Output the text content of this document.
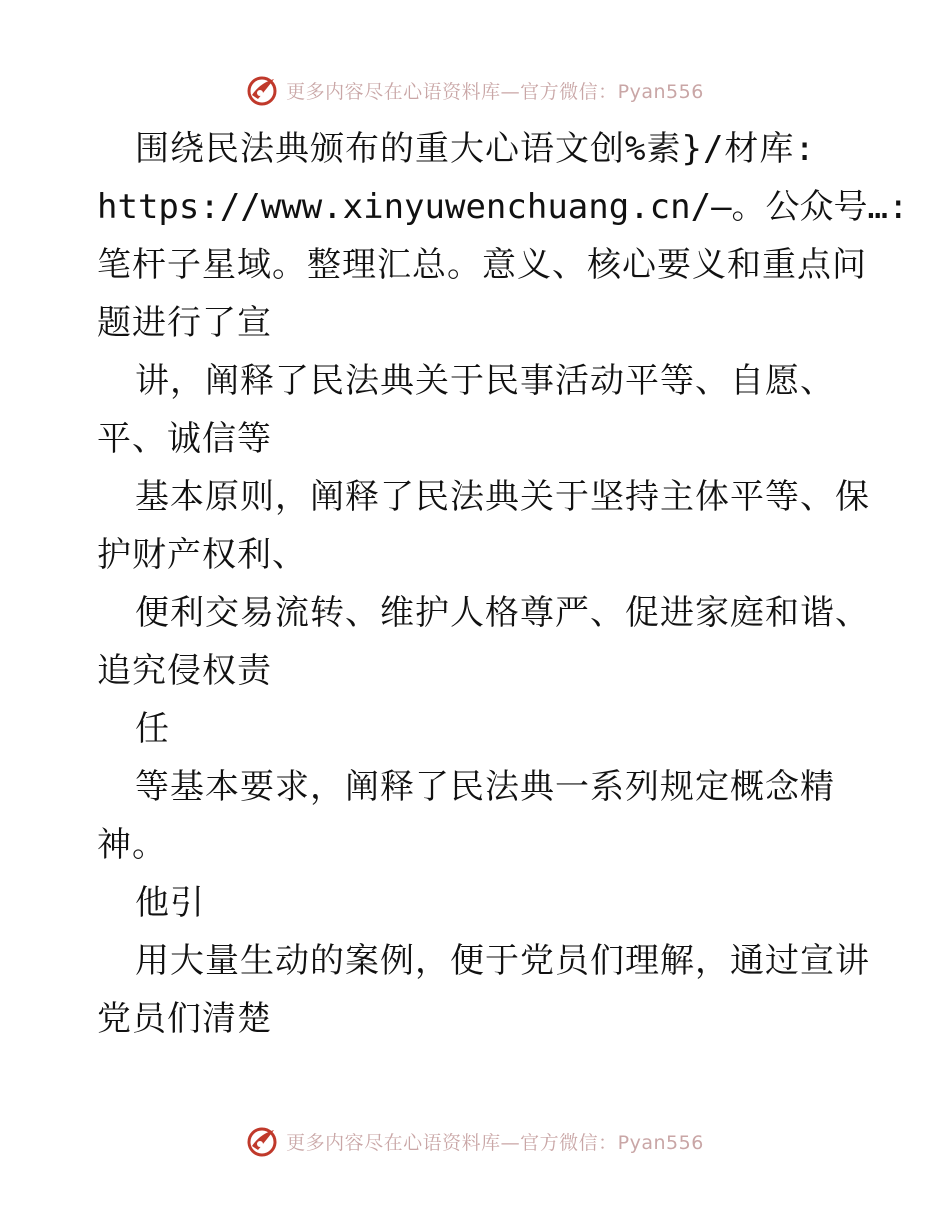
更多内容尽在心语资料库—官方微信：Pyan556
围绕民法典颁布的重大心语文创%素}/材库:
https://www.xinyuwenchuang.cn/—。公众号…:
笔杆子星域。整理汇总。意义、核心要义和重点问
题进行了宣
讲，阐释了民法典关于民事活动平等、自愿、
平、诚信等
基本原则，阐释了民法典关于坚持主体平等、保
护财产权利、
便利交易流转、维护人格尊严、促进家庭和谐、
追究侵权责
任
等基本要求，阐释了民法典一系列规定概念精
神。
他引
用大量生动的案例，便于党员们理解，通过宣讲
党员们清楚
更多内容尽在心语资料库—官方微信：Pyan556
